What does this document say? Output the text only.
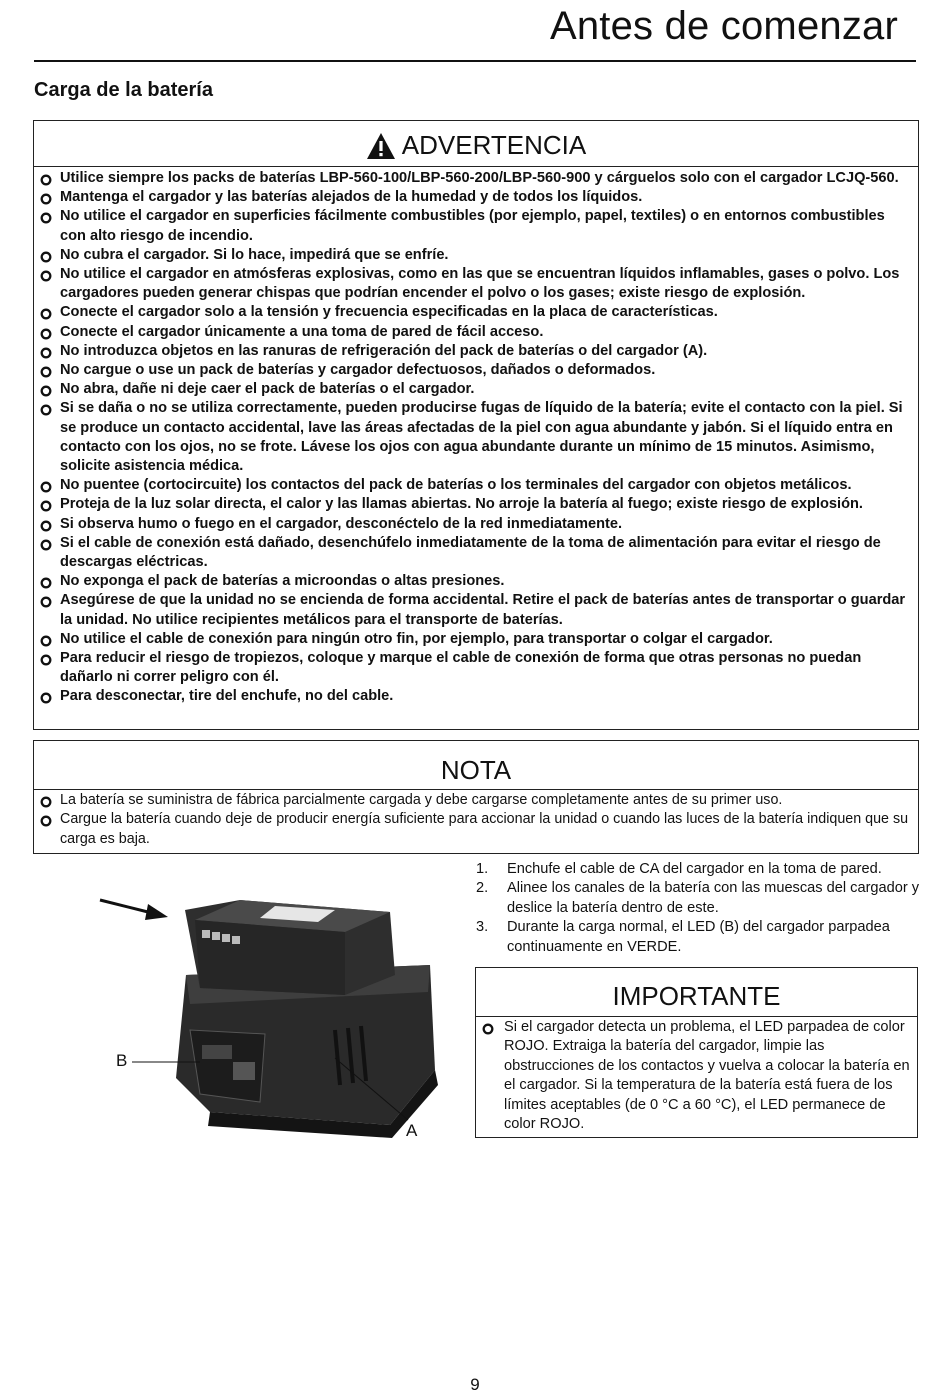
Antes de comenzar
Carga de la batería
ADVERTENCIA
Utilice siempre los packs de baterías LBP-560-100/LBP-560-200/LBP-560-900 y cárguelos solo con el cargador LCJQ-560.
Mantenga el cargador y las baterías alejados de la humedad y de todos los líquidos.
No utilice el cargador en superficies fácilmente combustibles (por ejemplo, papel, textiles) o en entornos combustibles con alto riesgo de incendio.
No cubra el cargador. Si lo hace, impedirá que se enfríe.
No utilice el cargador en atmósferas explosivas, como en las que se encuentran líquidos inflamables, gases o polvo. Los cargadores pueden generar chispas que podrían encender el polvo o los gases; existe riesgo de explosión.
Conecte el cargador solo a la tensión y frecuencia especificadas en la placa de características.
Conecte el cargador únicamente a una toma de pared de fácil acceso.
No introduzca objetos en las ranuras de refrigeración del pack de baterías o del cargador (A).
No cargue o use un pack de baterías y cargador defectuosos, dañados o deformados.
No abra, dañe ni deje caer el pack de baterías o el cargador.
Si se daña o no se utiliza correctamente, pueden producirse fugas de líquido de la batería; evite el contacto con la piel. Si se produce un contacto accidental, lave las áreas afectadas de la piel con agua abundante y jabón. Si el líquido entra en contacto con los ojos, no se frote. Lávese los ojos con agua abundante durante un mínimo de 15 minutos. Asimismo, solicite asistencia médica.
No puentee (cortocircuite) los contactos del pack de baterías o los terminales del cargador con objetos metálicos.
Proteja de la luz solar directa, el calor y las llamas abiertas. No arroje la batería al fuego; existe riesgo de explosión.
Si observa humo o fuego en el cargador, desconéctelo de la red inmediatamente.
Si el cable de conexión está dañado, desenchúfelo inmediatamente de la toma de alimentación para evitar el riesgo de descargas eléctricas.
No exponga el pack de baterías a microondas o altas presiones.
Asegúrese de que la unidad no se encienda de forma accidental. Retire el pack de baterías antes de transportar o guardar la unidad. No utilice recipientes metálicos para el transporte de baterías.
No utilice el cable de conexión para ningún otro fin, por ejemplo, para transportar o colgar el cargador.
Para reducir el riesgo de tropiezos, coloque y marque el cable de conexión de forma que otras personas no puedan dañarlo ni correr peligro con él.
Para desconectar, tire del enchufe, no del cable.
NOTA
La batería se suministra de fábrica parcialmente cargada y debe cargarse completamente antes de su primer uso.
Cargue la batería cuando deje de producir energía suficiente para accionar la unidad o cuando las luces de la batería indiquen que su carga es baja.
B
A
1. Enchufe el cable de CA del cargador en la toma de pared.
2. Alinee los canales de la batería con las muescas del cargador y deslice la batería dentro de este.
3. Durante la carga normal, el LED (B) del cargador parpadea continuamente en VERDE.
IMPORTANTE
Si el cargador detecta un problema, el LED parpadea de color ROJO. Extraiga la batería del cargador, limpie las obstrucciones de los contactos y vuelva a colocar la batería en el cargador. Si la temperatura de la batería está fuera de los límites aceptables (de 0 °C a 60 °C), el LED permanece de color ROJO.
9
